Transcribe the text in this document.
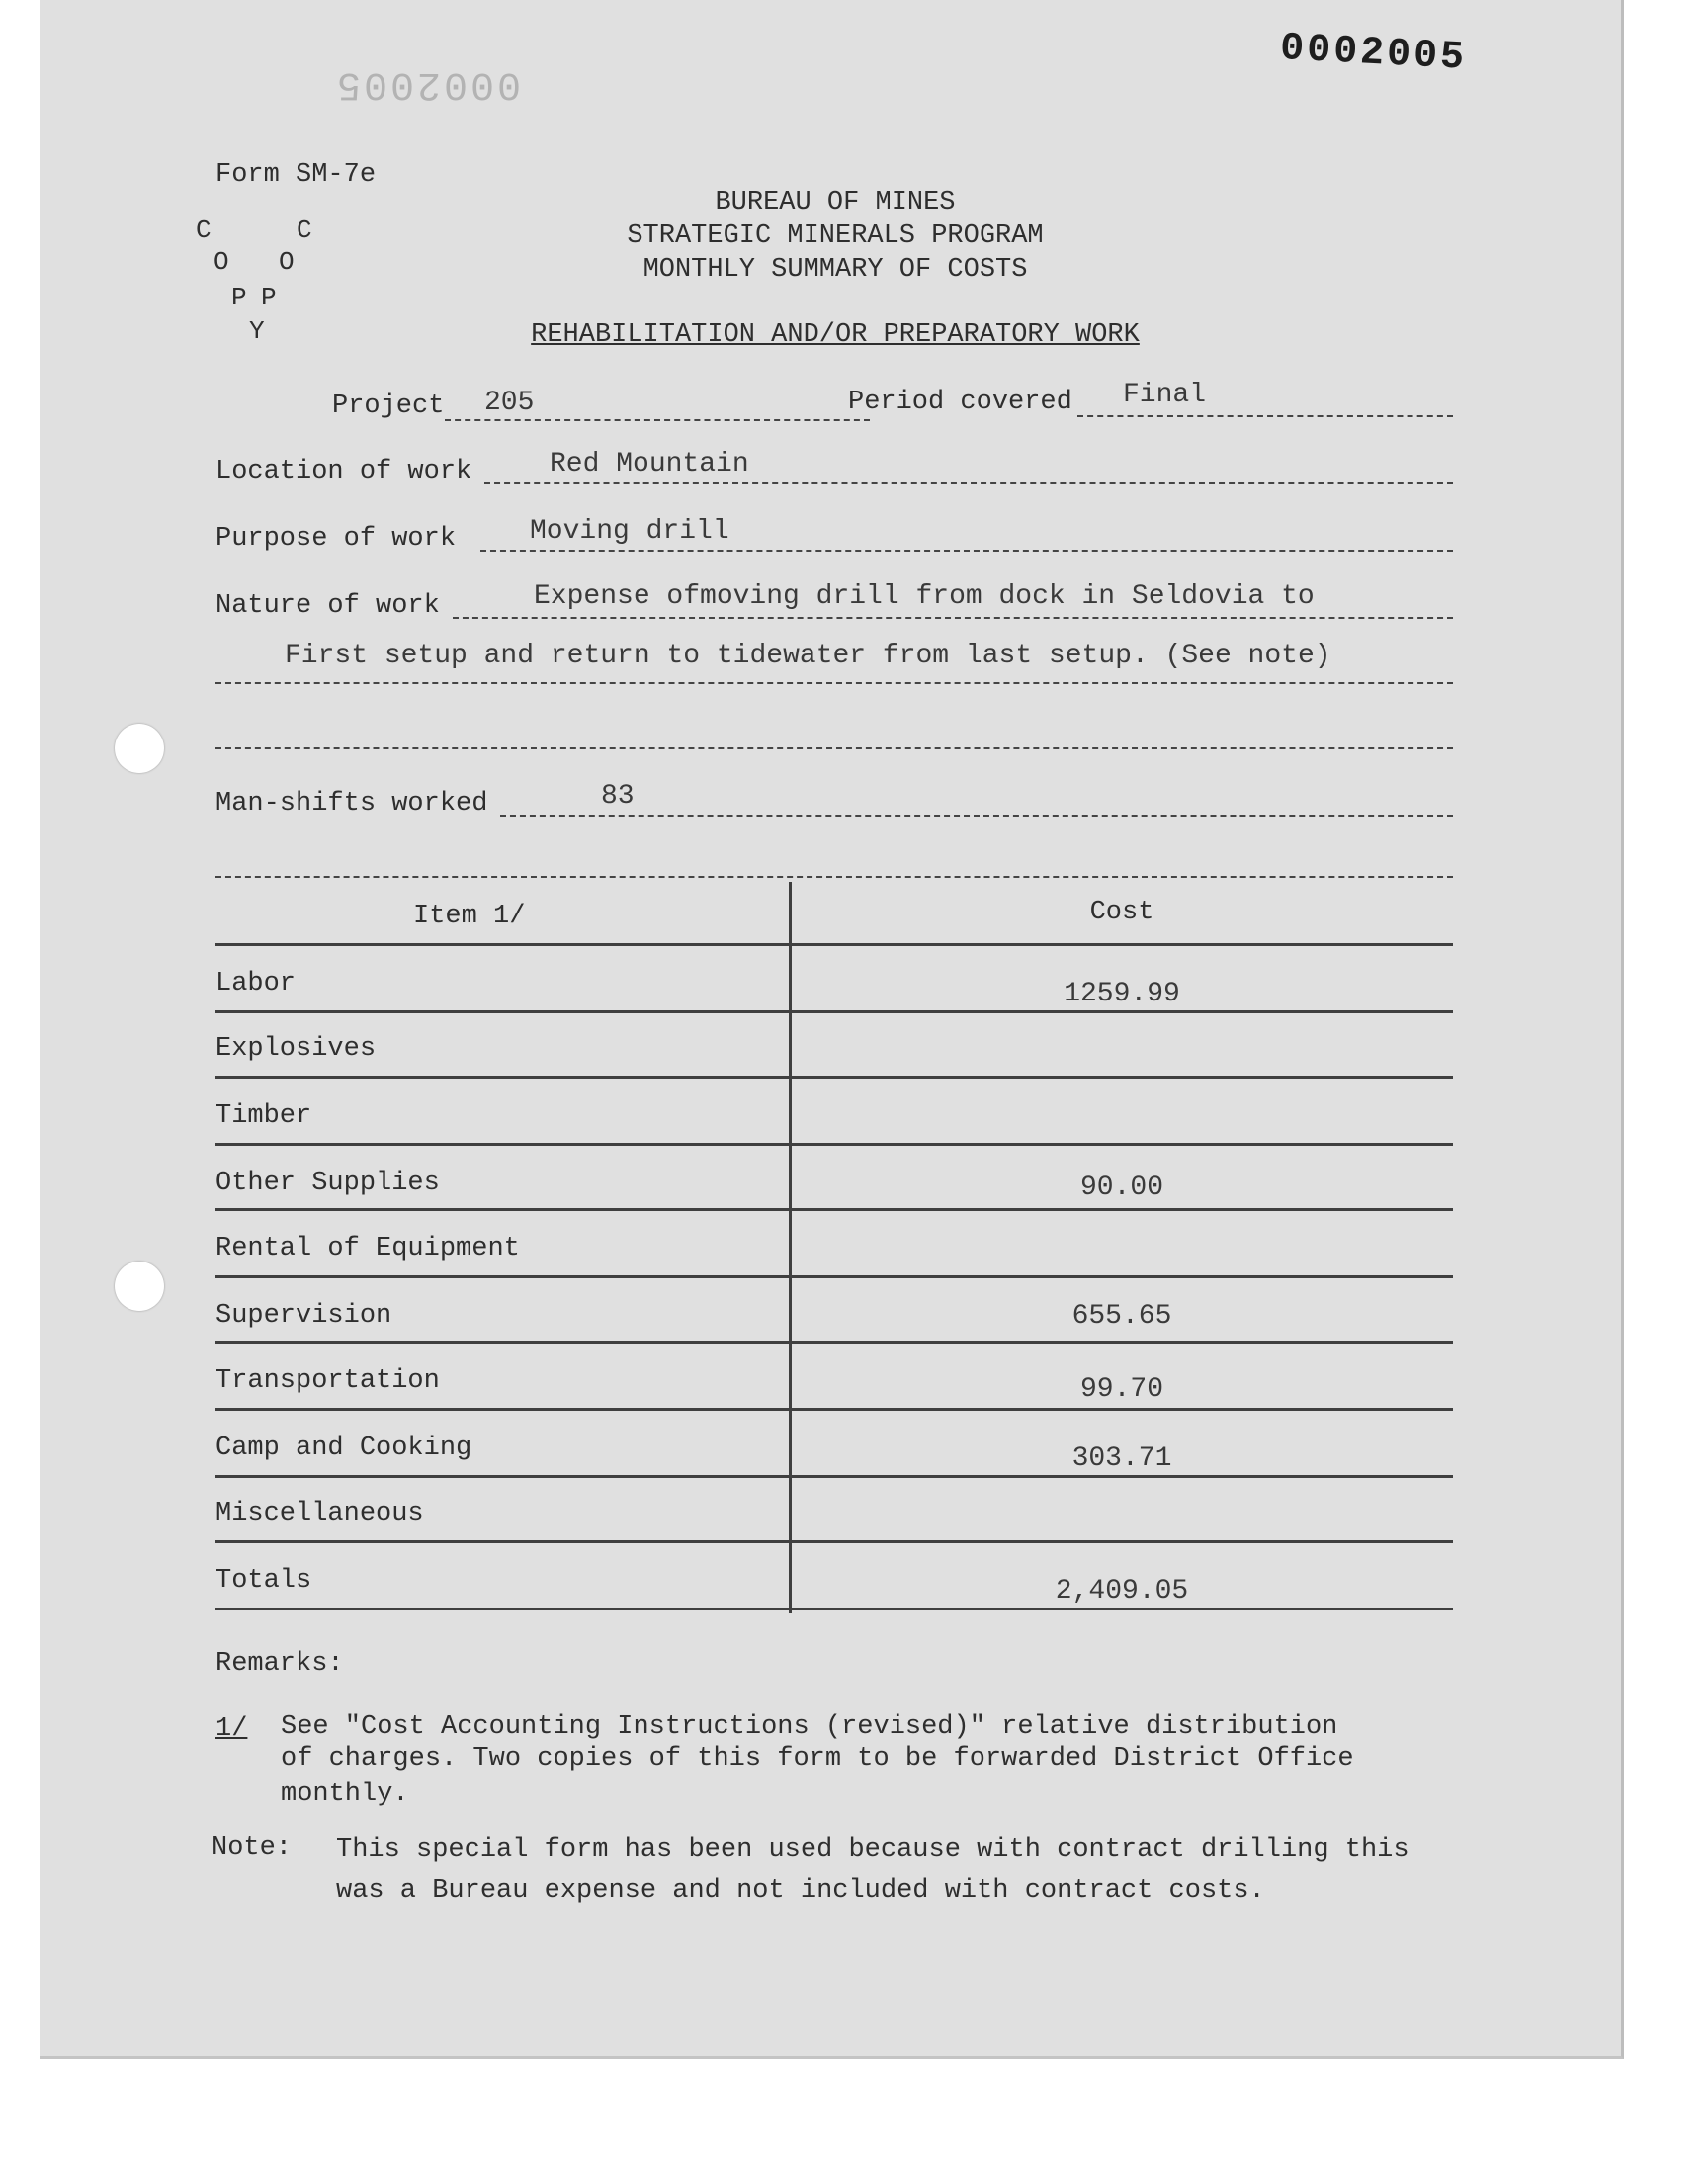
0002005
0002005
Form SM-7e
C	C
O O
P P
Y
BUREAU OF MINES
STRATEGIC MINERALS PROGRAM
MONTHLY SUMMARY OF COSTS
REHABILITATION AND/OR PREPARATORY WORK
Project 205	Period covered Final
Location of work	Red Mountain
Purpose of work	Moving drill
Nature of work	Expense ofmoving drill from dock in Seldovia to
First setup and return to tidewater from last setup. (See note)
Man-shifts worked	83
Item 1/	Cost
Labor	1259.99
Explosives
Timber
Other Supplies	90.00
Rental of Equipment
Supervision	655.65
Transportation	99.70
Camp and Cooking	303.71
Miscellaneous
Totals	2,409.05
Remarks:
1/ See "Cost Accounting Instructions (revised)" relative distribution
of charges. Two copies of this form to be forwarded District Office
monthly.
Note: This special form has been used because with contract drilling this
was a Bureau expense and not included with contract costs.
